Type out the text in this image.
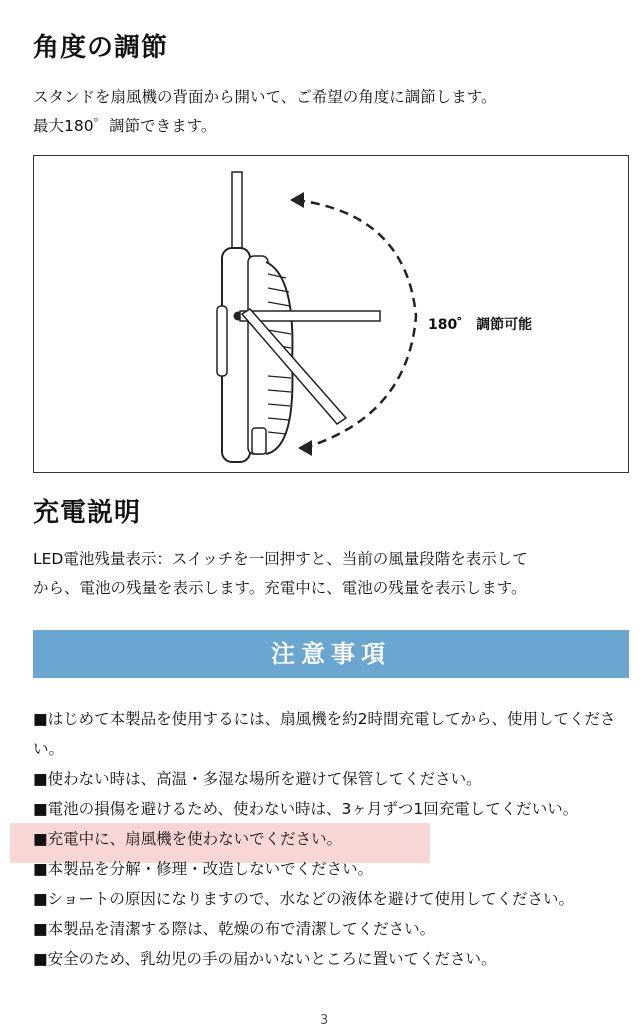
角度の調節

スタンドを扇風機の背面から開いて、ご希望の角度に調節します。

最大180゜調節できます。

180゜ 調節可能
充電説明

LED電池残量表示：スイッチを一回押すと、当前の風量段階を表示して

から、電池の残量を表示します。充電中に、電池の残量を表示します。

注意事項
■はじめて本製品を使用するには、扇風機を約2時間充電してから、使用してください。
■使わない時は、高温・多湿な場所を避けて保管してください。
■電池の損傷を避けるため、使わない時は、3ヶ月ずつ1回充電してくだいい。
■充電中に、扇風機を使わないでください。
■本製品を分解・修理・改造しないでください。
■ショートの原因になりますので、水などの液体を避けて使用してください。
■本製品を清潔する際は、乾燥の布で清潔してください。
■安全のため、乳幼児の手の届かいないところに置いてください。
3
